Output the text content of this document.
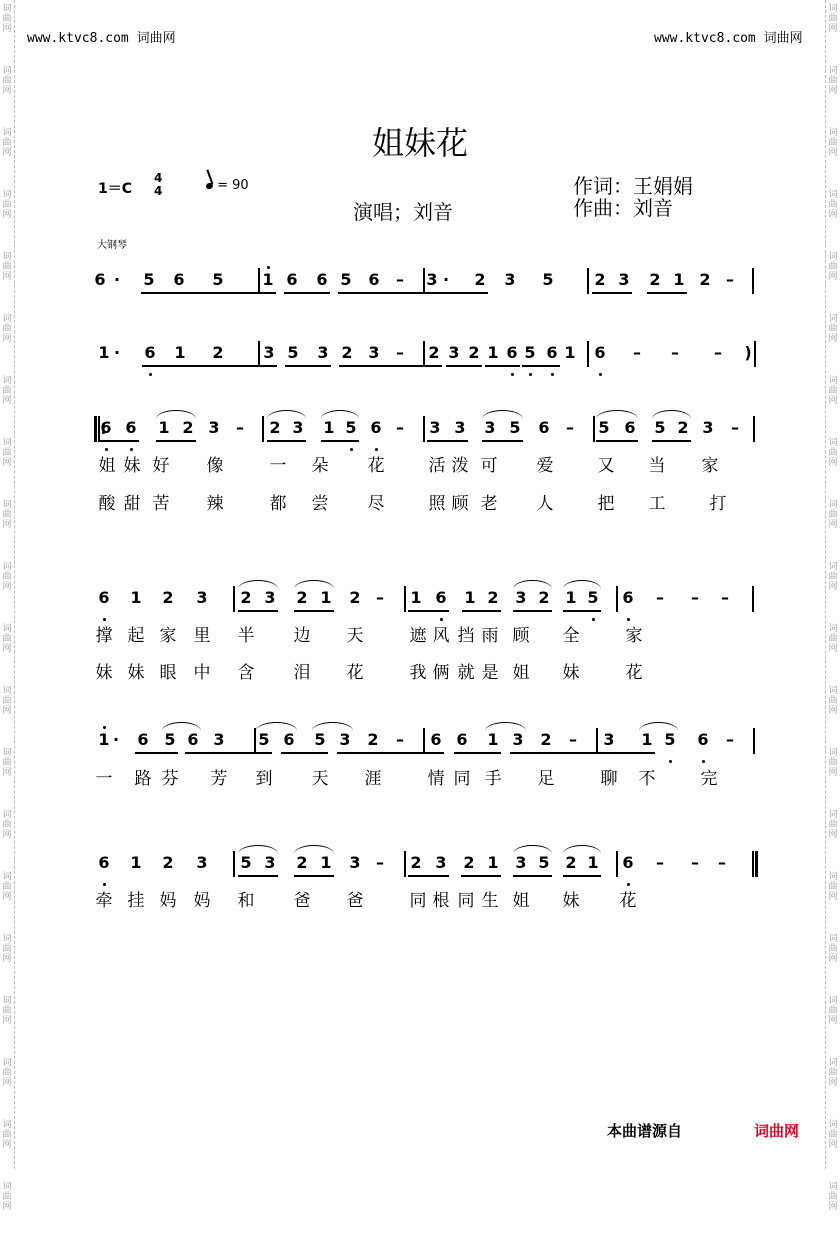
词曲网
词曲网
词曲网
词曲网
词曲网
词曲网
词曲网
词曲网
词曲网
词曲网
词曲网
词曲网
词曲网
词曲网
词曲网
词曲网
词曲网
词曲网
词曲网
词曲网
词曲网
词曲网
词曲网
词曲网
词曲网
词曲网
词曲网
词曲网
词曲网
词曲网
词曲网
词曲网
词曲网
词曲网
词曲网
词曲网
词曲网
词曲网
词曲网
词曲网
www.ktvc8.com 词曲网	www.ktvc8.com 词曲网
姐妹花
1＝C
4
4	= 90
演唱；刘音
作词：王娟娟
作曲：刘音
大钢琴
6 · 5 6 5 1 6 6 5 6 – 3 · 2 3 5	2 3 2 1 2 –
1 · 6 1 2 3 5 3 2 3 – 2 3 2 1 6 5 6 1 6 – – – )
6 6 1 2 3 – 2 3 1 5 6 – 3 3 3 5 6 – 5 6 5 2 3 –
6 1 2 3 2 3 2 1 2 – 1 6 1 2 3 2 1 5 6 – – –
1 · 6 5 6 3 5 6 5 3 2 – 6 6 1 3 2 – 3 1 5 6 –
6 1 2 3 5 3 2 1 3 – 2 3 2 1 3 5 2 1 6 – – –
姐 妹 好 像	一 朵 花	活 泼 可 爱	又 当 家
酸 甜 苦 辣	都 尝 尽	照 顾 老 人	把 工	打
撑 起 家 里 半 边 天	遮 风 挡 雨 顾 全	家
妹 妹 眼 中 含 泪 花	我 俩 就 是 姐 妹	花
一 路 芬 芳 到 天 涯	情 同 手 足	聊 不	完
牵 挂 妈 妈 和 爸 爸	同 根 同 生 姐 妹 花
本曲谱源自	词曲网
